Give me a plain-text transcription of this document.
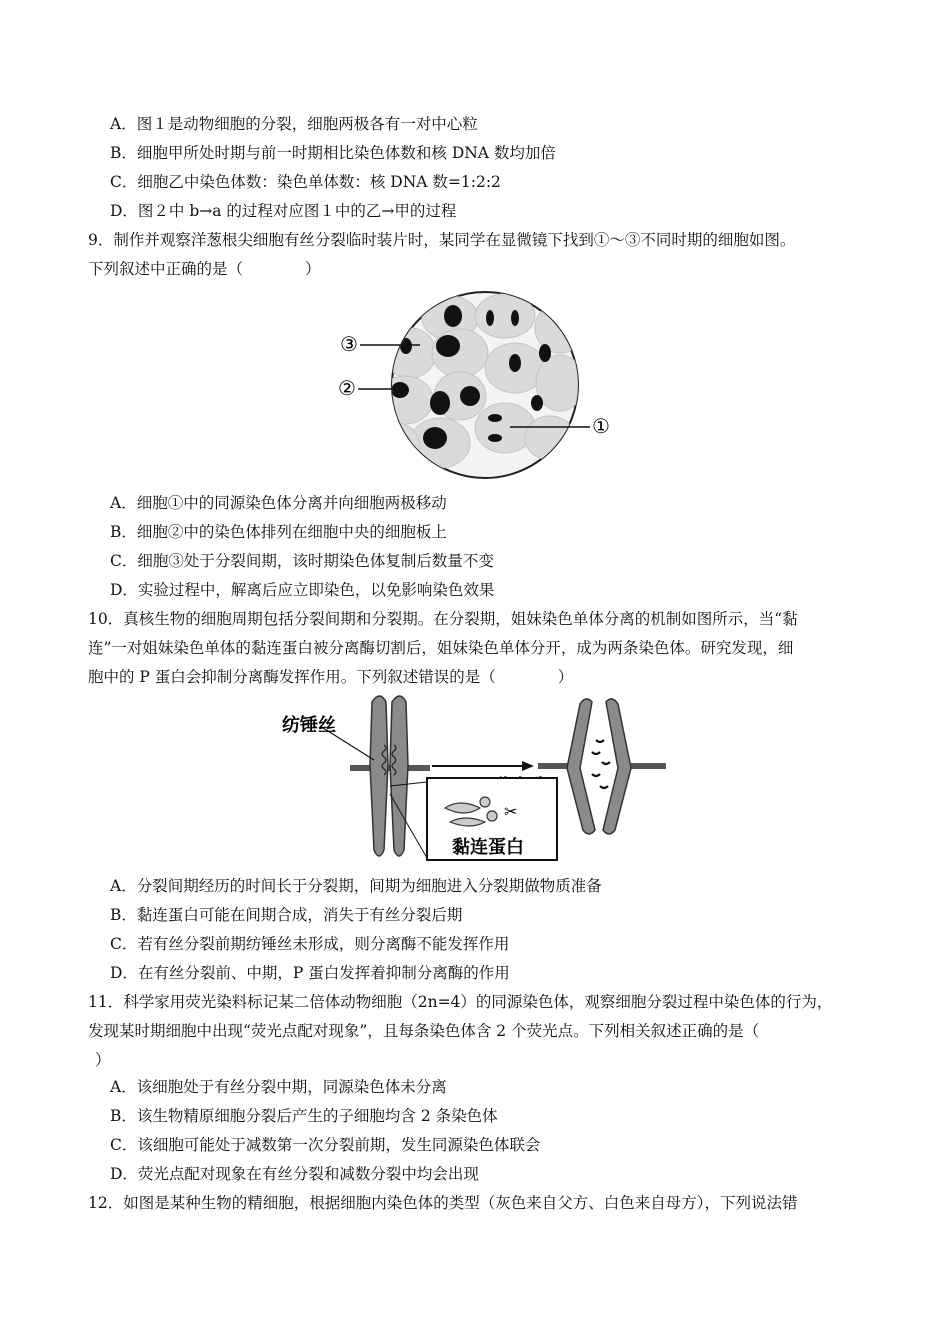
A．图１是动物细胞的分裂，细胞两极各有一对中心粒
B．细胞甲所处时期与前一时期相比染色体数和核 DNA 数均加倍
C．细胞乙中染色体数：染色单体数：核 DNA 数=1:2:2
D．图２中 b→a 的过程对应图１中的乙→甲的过程
9．制作并观察洋葱根尖细胞有丝分裂临时装片时，某同学在显微镜下找到①～③不同时期的细胞如图。
下列叙述中正确的是（　　　　）
③
②
①
A．细胞①中的同源染色体分离并向细胞两极移动
B．细胞②中的染色体排列在细胞中央的细胞板上
C．细胞③处于分裂间期，该时期染色体复制后数量不变
D．实验过程中，解离后应立即染色，以免影响染色效果
10．真核生物的细胞周期包括分裂间期和分裂期。在分裂期，姐妹染色单体分离的机制如图所示，当“黏
连”一对姐妹染色单体的黏连蛋白被分离酶切割后，姐妹染色单体分开，成为两条染色体。研究发现，细
胞中的 P 蛋白会抑制分离酶发挥作用。下列叙述错误的是（　　　　）
纺锤丝
✂
黏连蛋白
A．分裂间期经历的时间长于分裂期，间期为细胞进入分裂期做物质准备
B．黏连蛋白可能在间期合成，消失于有丝分裂后期
C．若有丝分裂前期纺锤丝未形成，则分离酶不能发挥作用
D．在有丝分裂前、中期，P 蛋白发挥着抑制分离酶的作用
11．科学家用荧光染料标记某二倍体动物细胞（2n=4）的同源染色体，观察细胞分裂过程中染色体的行为，
发现某时期细胞中出现“荧光点配对现象”，且每条染色体含 2 个荧光点。下列相关叙述正确的是（
）
A．该细胞处于有丝分裂中期，同源染色体未分离
B．该生物精原细胞分裂后产生的子细胞均含 2 条染色体
C．该细胞可能处于减数第一次分裂前期，发生同源染色体联会
D．荧光点配对现象在有丝分裂和减数分裂中均会出现
12．如图是某种生物的精细胞，根据细胞内染色体的类型（灰色来自父方、白色来自母方），下列说法错
